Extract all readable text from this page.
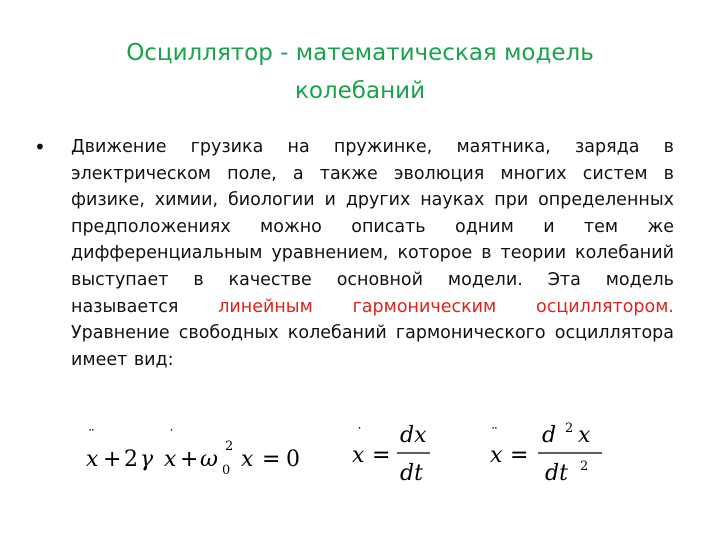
Осциллятор - математическая модель колебаний
• Движение грузика на пружинке, маятника, заряда в электрическом поле, а также эволюция многих систем в физике, химии, биологии и других науках при определенных предположениях можно описать одним и тем же дифференциальным уравнением, которое в теории колебаний выступает в качестве основной модели. Эта модель называется линейным гармоническим осциллятором. Уравнение свободных колебаний гармонического осциллятора имеет вид:
¨
x + 2 γ
˙
x + ω
2
0 x = 0
˙
x =
dx
dt
¨
x =
d 2 x
dt 2
